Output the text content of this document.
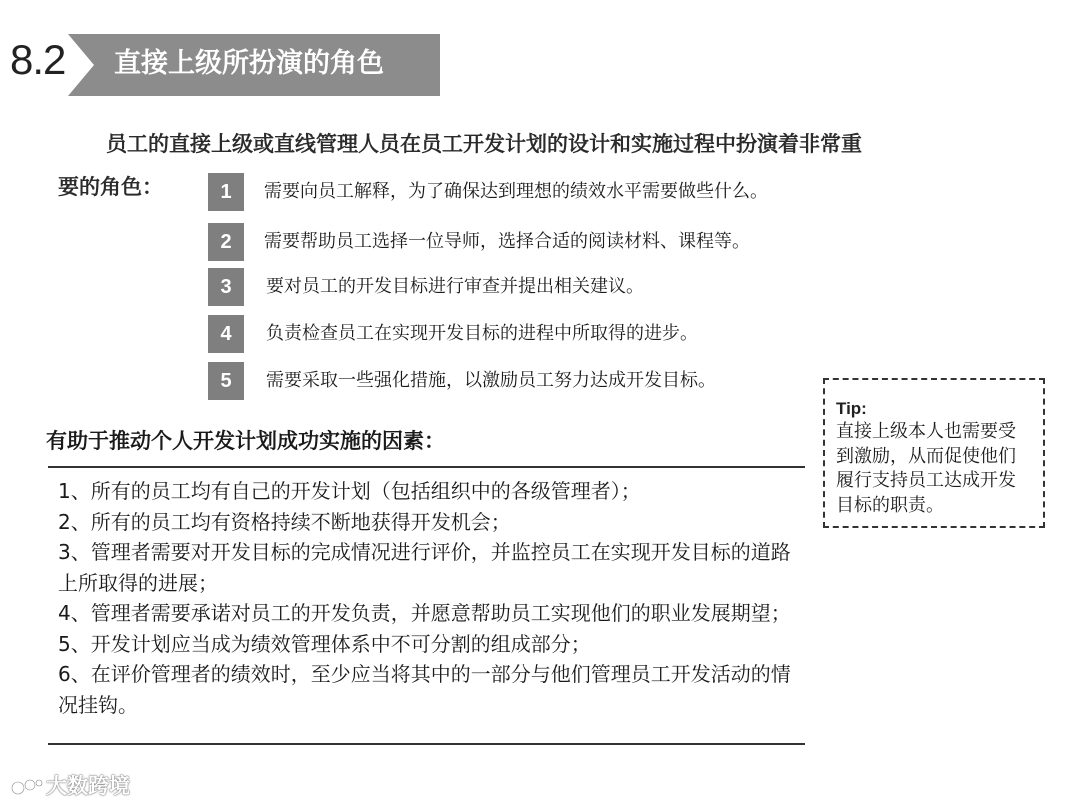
8.2 直接上级所扮演的角色
员工的直接上级或直线管理人员在员工开发计划的设计和实施过程中扮演着非常重
要的角色：	1	需要向员工解释，为了确保达到理想的绩效水平需要做些什么。
2	需要帮助员工选择一位导师，选择合适的阅读材料、课程等。
3	要对员工的开发目标进行审查并提出相关建议。
4	负责检查员工在实现开发目标的进程中所取得的进步。
5	需要采取一些强化措施，以激励员工努力达成开发目标。
有助于推动个人开发计划成功实施的因素：
1、所有的员工均有自己的开发计划（包括组织中的各级管理者）；
2、所有的员工均有资格持续不断地获得开发机会；
3、管理者需要对开发目标的完成情况进行评价，并监控员工在实现开发目标的道路上所取得的进展；
4、管理者需要承诺对员工的开发负责，并愿意帮助员工实现他们的职业发展期望；
5、开发计划应当成为绩效管理体系中不可分割的组成部分；
6、在评价管理者的绩效时，至少应当将其中的一部分与他们管理员工开发活动的情况挂钩。
Tip:
直接上级本人也需要受到激励，从而促使他们履行支持员工达成开发目标的职责。
大数跨境
